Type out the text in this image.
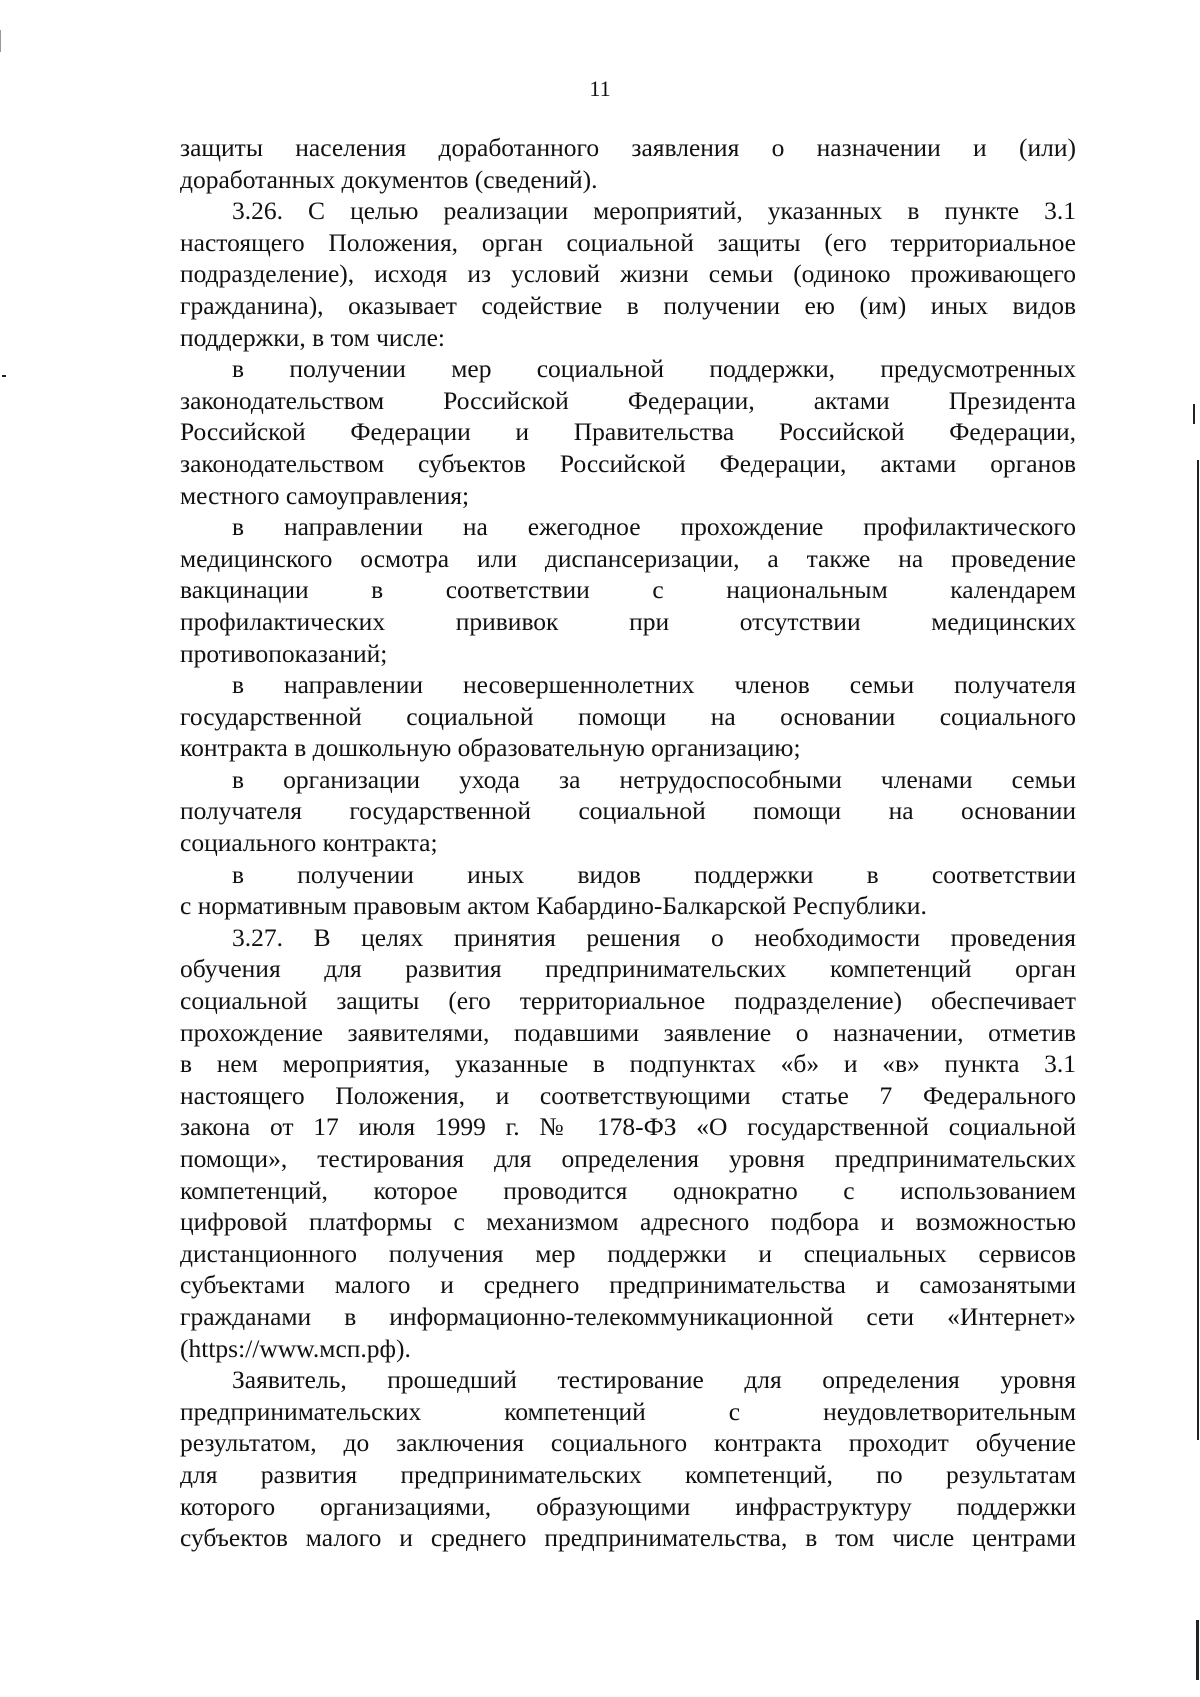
11
защиты населения доработанного заявления о назначении и (или)
доработанных документов (сведений).
3.26. С целью реализации мероприятий, указанных в пункте 3.1
настоящего Положения, орган социальной защиты (его территориальное
подразделение), исходя из условий жизни семьи (одиноко проживающего
гражданина), оказывает содействие в получении ею (им) иных видов
поддержки, в том числе:
в получении мер социальной поддержки, предусмотренных
законодательством Российской Федерации, актами Президента
Российской Федерации и Правительства Российской Федерации,
законодательством субъектов Российской Федерации, актами органов
местного самоуправления;
в направлении на ежегодное прохождение профилактического
медицинского осмотра или диспансеризации, а также на проведение
вакцинации в соответствии с национальным календарем
профилактических прививок при отсутствии медицинских
противопоказаний;
в направлении несовершеннолетних членов семьи получателя
государственной социальной помощи на основании социального
контракта в дошкольную образовательную организацию;
в организации ухода за нетрудоспособными членами семьи
получателя государственной социальной помощи на основании
социального контракта;
в получении иных видов поддержки в соответствии
с нормативным правовым актом Кабардино-Балкарской Республики.
3.27. В целях принятия решения о необходимости проведения
обучения для развития предпринимательских компетенций орган
социальной защиты (его территориальное подразделение) обеспечивает
прохождение заявителями, подавшими заявление о назначении, отметив
в нем мероприятия, указанные в подпунктах «б» и «в» пункта 3.1
настоящего Положения, и соответствующими статье 7 Федерального
закона от 17 июля 1999 г. № 178-ФЗ «О государственной социальной
помощи», тестирования для определения уровня предпринимательских
компетенций, которое проводится однократно с использованием
цифровой платформы с механизмом адресного подбора и возможностью
дистанционного получения мер поддержки и специальных сервисов
субъектами малого и среднего предпринимательства и самозанятыми
гражданами в информационно-телекоммуникационной сети «Интернет»
(https://www.мсп.рф).
Заявитель, прошедший тестирование для определения уровня
предпринимательских компетенций с неудовлетворительным
результатом, до заключения социального контракта проходит обучение
для развития предпринимательских компетенций, по результатам
которого организациями, образующими инфраструктуру поддержки
субъектов малого и среднего предпринимательства, в том числе центрами
